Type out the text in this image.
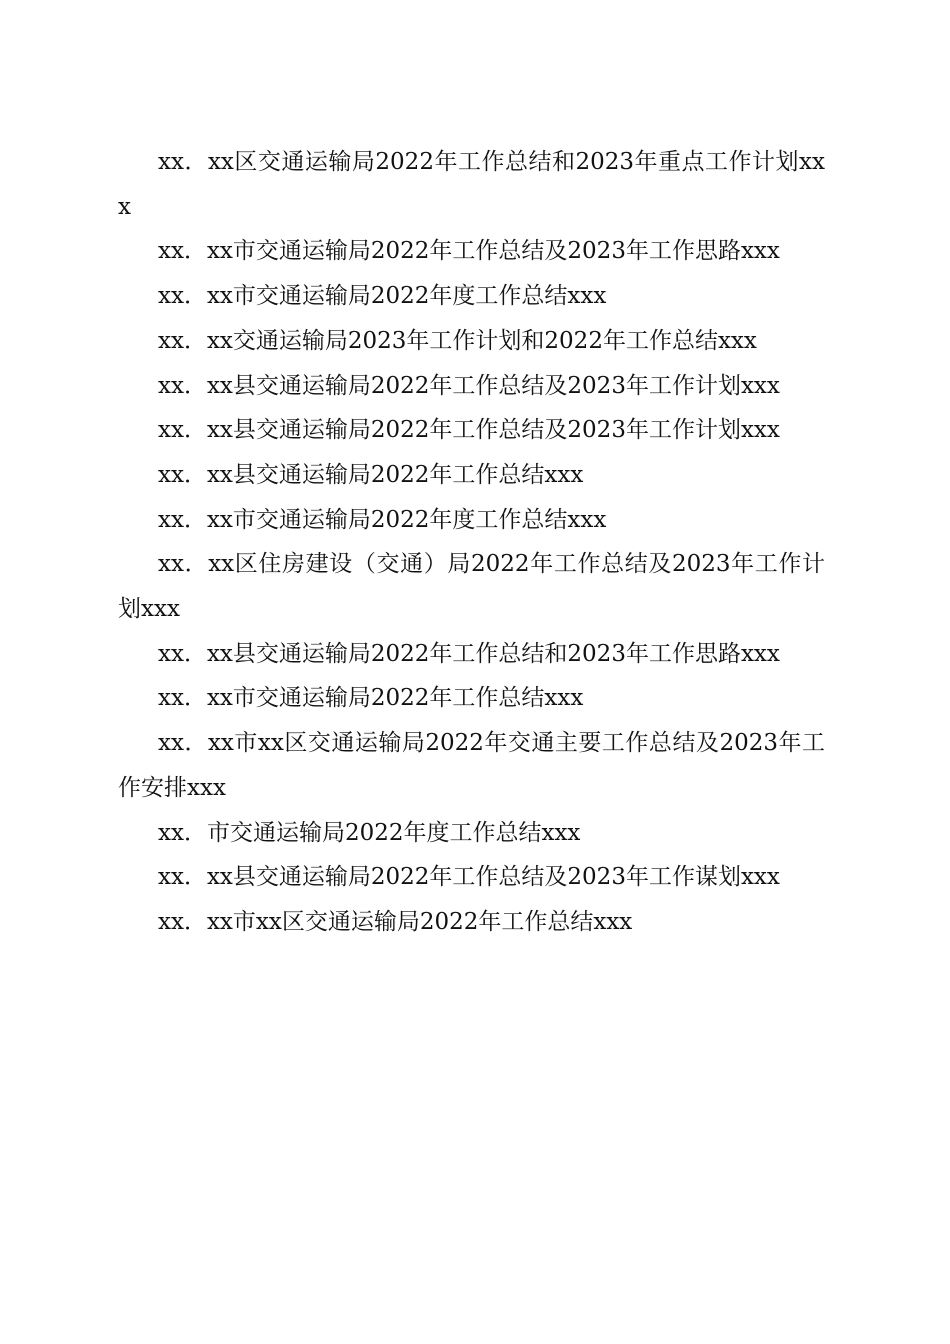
xx．xx区交通运输局2022年工作总结和2023年重点工作计划xxx

xx．xx市交通运输局2022年工作总结及2023年工作思路xxx

xx．xx市交通运输局2022年度工作总结xxx

xx．xx交通运输局2023年工作计划和2022年工作总结xxx

xx．xx县交通运输局2022年工作总结及2023年工作计划xxx

xx．xx县交通运输局2022年工作总结及2023年工作计划xxx

xx．xx县交通运输局2022年工作总结xxx

xx．xx市交通运输局2022年度工作总结xxx

xx．xx区住房建设（交通）局2022年工作总结及2023年工作计划xxx

xx．xx县交通运输局2022年工作总结和2023年工作思路xxx

xx．xx市交通运输局2022年工作总结xxx

xx．xx市xx区交通运输局2022年交通主要工作总结及2023年工作安排xxx

xx．市交通运输局2022年度工作总结xxx

xx．xx县交通运输局2022年工作总结及2023年工作谋划xxx

xx．xx市xx区交通运输局2022年工作总结xxx
